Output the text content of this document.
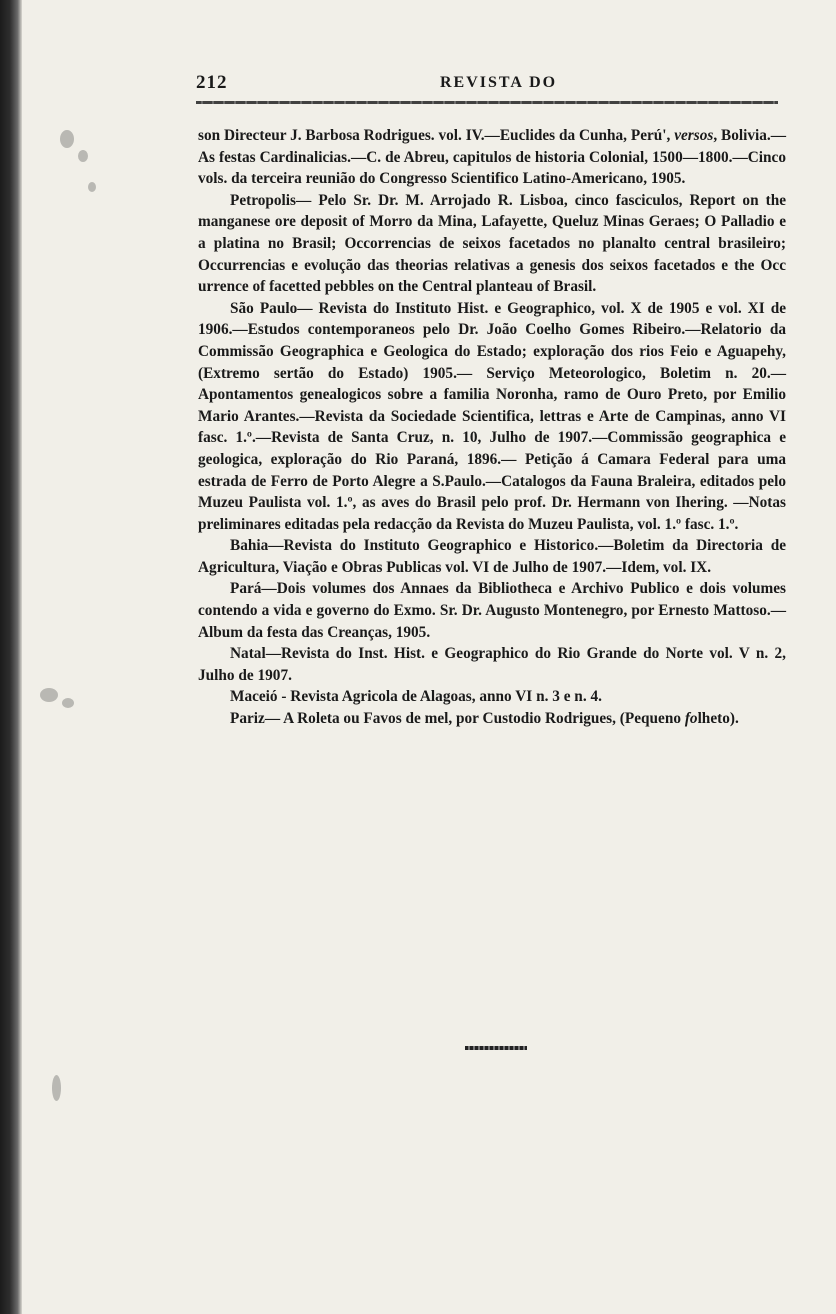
212	REVISTA DO

son Directeur J. Barbosa Rodrigues. vol. IV.—Euclides da Cunha, Perú', versos, Bolivia.—As festas Cardinalicias.—C. de Abreu, capitulos de historia Colonial, 1500—1800.—Cinco vols. da terceira reunião do Congresso Scientifico Latino-Americano, 1905.

Petropolis— Pelo Sr. Dr. M. Arrojado R. Lisboa, cinco fasciculos, Report on the manganese ore deposit of Morro da Mina, Lafayette, Queluz Minas Geraes; O Palladio e a platina no Brasil; Occorrencias de seixos facetados no planalto central brasileiro; Occurrencias e evolução das theorias relativas a genesis dos seixos facetados e the Occ urrence of facetted pebbles on the Central planteau of Brasil.

São Paulo— Revista do Instituto Hist. e Geographico, vol. X de 1905 e vol. XI de 1906.—Estudos contemporaneos pelo Dr. João Coelho Gomes Ribeiro.—Relatorio da Commissão Geographica e Geologica do Estado; exploração dos rios Feio e Aguapehy, (Extremo sertão do Estado) 1905.— Serviço Meteorologico, Boletim n. 20.—Apontamentos genealogicos sobre a familia Noronha, ramo de Ouro Preto, por Emilio Mario Arantes.—Revista da Sociedade Scientifica, lettras e Arte de Campinas, anno VI fasc. 1.º.—Revista de Santa Cruz, n. 10, Julho de 1907.—Commissão geographica e geologica, exploração do Rio Paraná, 1896.— Petição á Camara Federal para uma estrada de Ferro de Porto Alegre a S.Paulo.—Catalogos da Fauna Braleira, editados pelo Muzeu Paulista vol. 1.º, as aves do Brasil pelo prof. Dr. Hermann von Ihering. —Notas preliminares editadas pela redacção da Revista do Muzeu Paulista, vol. 1.º fasc. 1.º.

Bahia—Revista do Instituto Geographico e Historico.—Boletim da Directoria de Agricultura, Viação e Obras Publicas vol. VI de Julho de 1907.—Idem, vol. IX.

Pará—Dois volumes dos Annaes da Bibliotheca e Archivo Publico e dois volumes contendo a vida e governo do Exmo. Sr. Dr. Augusto Montenegro, por Ernesto Mattoso.—Album da festa das Creanças, 1905.

Natal—Revista do Inst. Hist. e Geographico do Rio Grande do Norte vol. V n. 2, Julho de 1907.

Maceió - Revista Agricola de Alagoas, anno VI n. 3 e n. 4.

Pariz— A Roleta ou Favos de mel, por Custodio Rodrigues, (Pequeno folheto).
